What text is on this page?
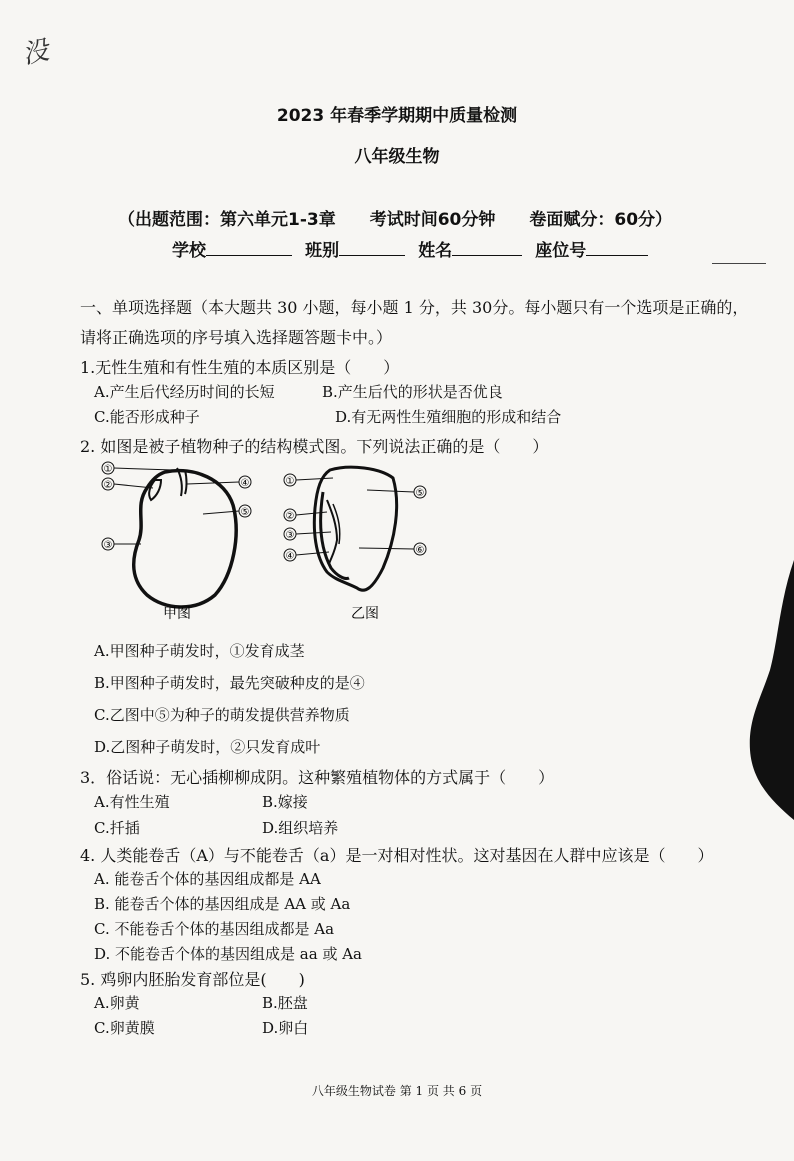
没
2023 年春季学期期中质量检测
八年级生物
（出题范围：第六单元1-3章　　考试时间60分钟　　卷面赋分：60分）
学校	班别	姓名	座位号
一、单项选择题（本大题共 30 小题，每小题 1 分，共 30分。每小题只有一个选项是正确的，
请将正确选项的序号填入选择题答题卡中。）
1.无性生殖和有性生殖的本质区别是（　　）
A.产生后代经历时间的长短	B.产生后代的形状是否优良
C.能否形成种子	D.有无两性生殖细胞的形成和结合
2. 如图是被子植物种子的结构模式图。下列说法正确的是（　　）
①
②
③
④
⑤
甲图
①
②
③
④
⑤
⑥
乙图
A.甲图种子萌发时，①发育成茎
B.甲图种子萌发时，最先突破种皮的是④
C.乙图中⑤为种子的萌发提供营养物质
D.乙图种子萌发时，②只发育成叶
3．俗话说：无心插柳柳成阴。这种繁殖植物体的方式属于（　　）
A.有性生殖	B.嫁接
C.扦插	D.组织培养
4. 人类能卷舌（A）与不能卷舌（a）是一对相对性状。这对基因在人群中应该是（　　）
A. 能卷舌个体的基因组成都是 AA
B. 能卷舌个体的基因组成是 AA 或 Aa
C. 不能卷舌个体的基因组成都是 Aa
D. 不能卷舌个体的基因组成是 aa 或 Aa
5. 鸡卵内胚胎发育部位是(　　)
A.卵黄	B.胚盘
C.卵黄膜	D.卵白
八年级生物试卷 第 1 页 共 6 页
